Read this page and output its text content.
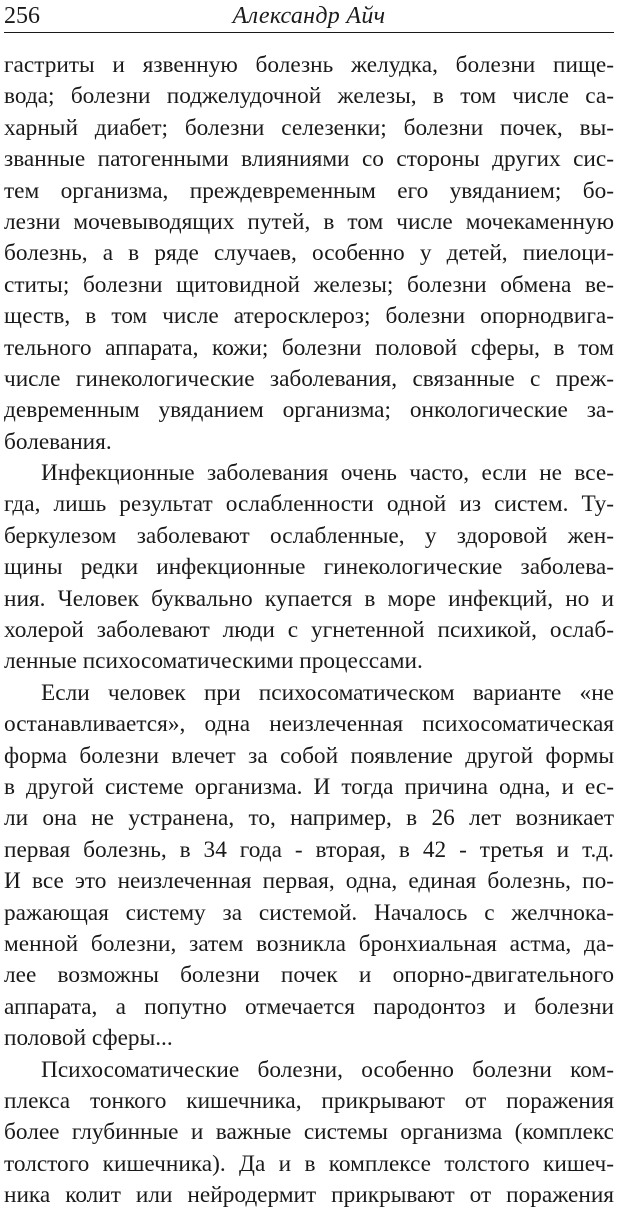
256	Александр Айч
гастриты и язвенную болезнь желудка, болезни пище-
вода; болезни поджелудочной железы, в том числе са-
харный диабет; болезни селезенки; болезни почек, вы-
званные патогенными влияниями со стороны других сис-
тем организма, преждевременным его увяданием; бо-
лезни мочевыводящих путей, в том числе мочекаменную
болезнь, а в ряде случаев, особенно у детей, пиелоци-
ститы; болезни щитовидной железы; болезни обмена ве-
ществ, в том числе атеросклероз; болезни опорнодвига-
тельного аппарата, кожи; болезни половой сферы, в том
числе гинекологические заболевания, связанные с преж-
девременным увяданием организма; онкологические за-
болевания.
Инфекционные заболевания очень часто, если не все-
гда, лишь результат ослабленности одной из систем. Ту-
беркулезом заболевают ослабленные, у здоровой жен-
щины редки инфекционные гинекологические заболева-
ния. Человек буквально купается в море инфекций, но и
холерой заболевают люди с угнетенной психикой, ослаб-
ленные психосоматическими процессами.
Если человек при психосоматическом варианте «не
останавливается», одна неизлеченная психосоматическая
форма болезни влечет за собой появление другой формы
в другой системе организма. И тогда причина одна, и ес-
ли она не устранена, то, например, в 26 лет возникает
первая болезнь, в 34 года - вторая, в 42 - третья и т.д.
И все это неизлеченная первая, одна, единая болезнь, по-
ражающая систему за системой. Началось с желчнока-
менной болезни, затем возникла бронхиальная астма, да-
лее возможны болезни почек и опорно-двигательного
аппарата, а попутно отмечается пародонтоз и болезни
половой сферы...
Психосоматические болезни, особенно болезни ком-
плекса тонкого кишечника, прикрывают от поражения
более глубинные и важные системы организма (комплекс
толстого кишечника). Да и в комплексе толстого кишеч-
ника колит или нейродермит прикрывают от поражения
